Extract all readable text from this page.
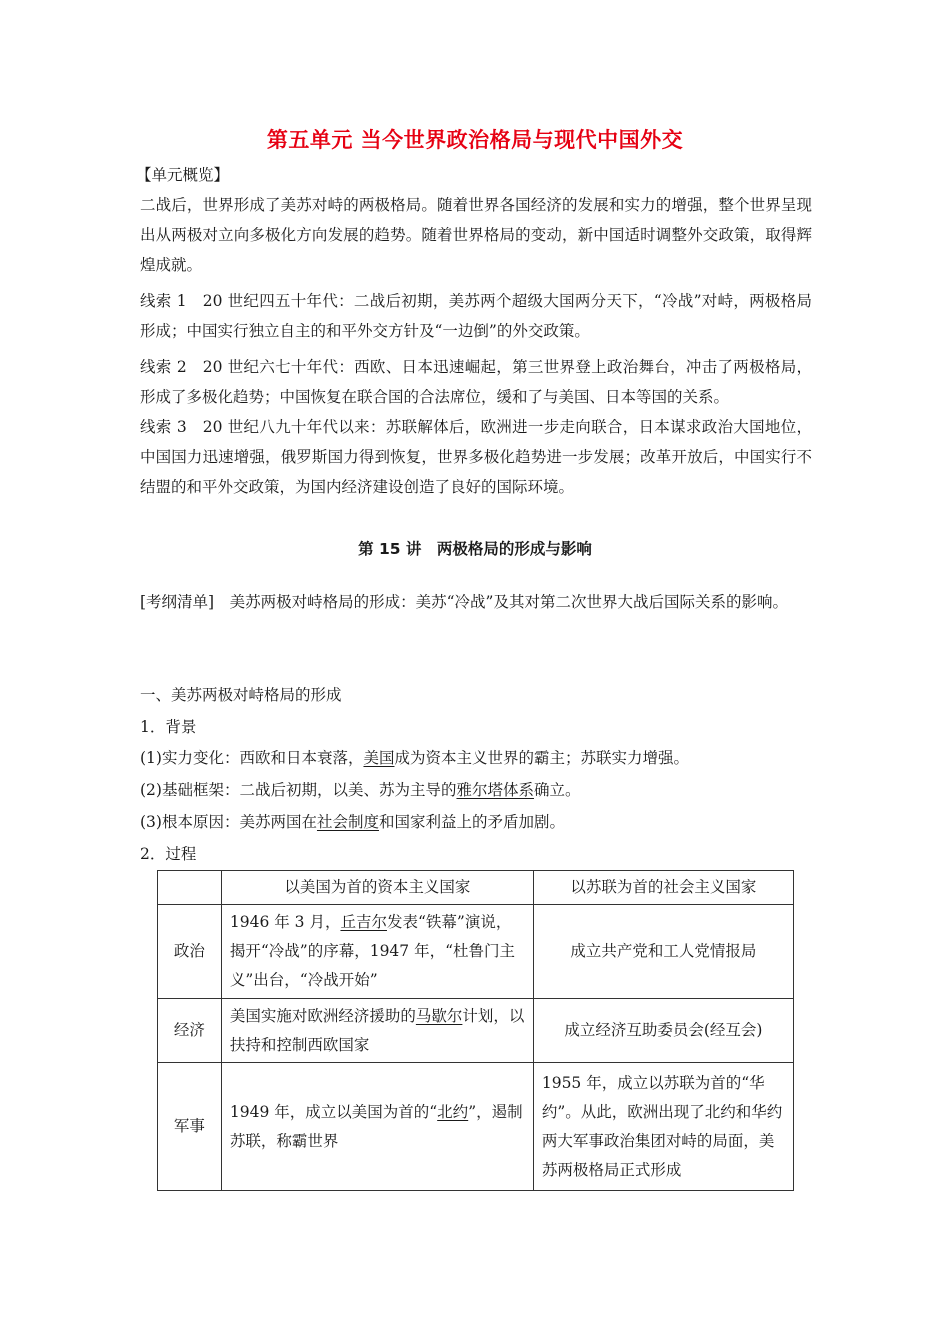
第五单元 当今世界政治格局与现代中国外交
【单元概览】
二战后，世界形成了美苏对峙的两极格局。随着世界各国经济的发展和实力的增强，整个世界呈现出从两极对立向多极化方向发展的趋势。随着世界格局的变动，新中国适时调整外交政策，取得辉煌成就。
线索 1　20 世纪四五十年代：二战后初期，美苏两个超级大国两分天下，“冷战”对峙，两极格局形成；中国实行独立自主的和平外交方针及“一边倒”的外交政策。
线索 2　20 世纪六七十年代：西欧、日本迅速崛起，第三世界登上政治舞台，冲击了两极格局，形成了多极化趋势；中国恢复在联合国的合法席位，缓和了与美国、日本等国的关系。
线索 3　20 世纪八九十年代以来：苏联解体后，欧洲进一步走向联合，日本谋求政治大国地位，中国国力迅速增强，俄罗斯国力得到恢复，世界多极化趋势进一步发展；改革开放后，中国实行不结盟的和平外交政策，为国内经济建设创造了良好的国际环境。
第 15 讲　两极格局的形成与影响
[考纲清单]　美苏两极对峙格局的形成：美苏“冷战”及其对第二次世界大战后国际关系的影响。
一、美苏两极对峙格局的形成
1．背景
(1)实力变化：西欧和日本衰落，美国成为资本主义世界的霸主；苏联实力增强。
(2)基础框架：二战后初期，以美、苏为主导的雅尔塔体系确立。
(3)根本原因：美苏两国在社会制度和国家利益上的矛盾加剧。
2．过程
	以美国为首的资本主义国家	以苏联为首的社会主义国家
政治	1946 年 3 月，丘吉尔发表“铁幕”演说，揭开“冷战”的序幕，1947 年，“杜鲁门主义”出台，“冷战开始”	成立共产党和工人党情报局
经济	美国实施对欧洲经济援助的马歇尔计划，以扶持和控制西欧国家	成立经济互助委员会(经互会)
军事	1949 年，成立以美国为首的“北约”，遏制苏联，称霸世界	1955 年，成立以苏联为首的“华约”。从此，欧洲出现了北约和华约两大军事政治集团对峙的局面，美苏两极格局正式形成
